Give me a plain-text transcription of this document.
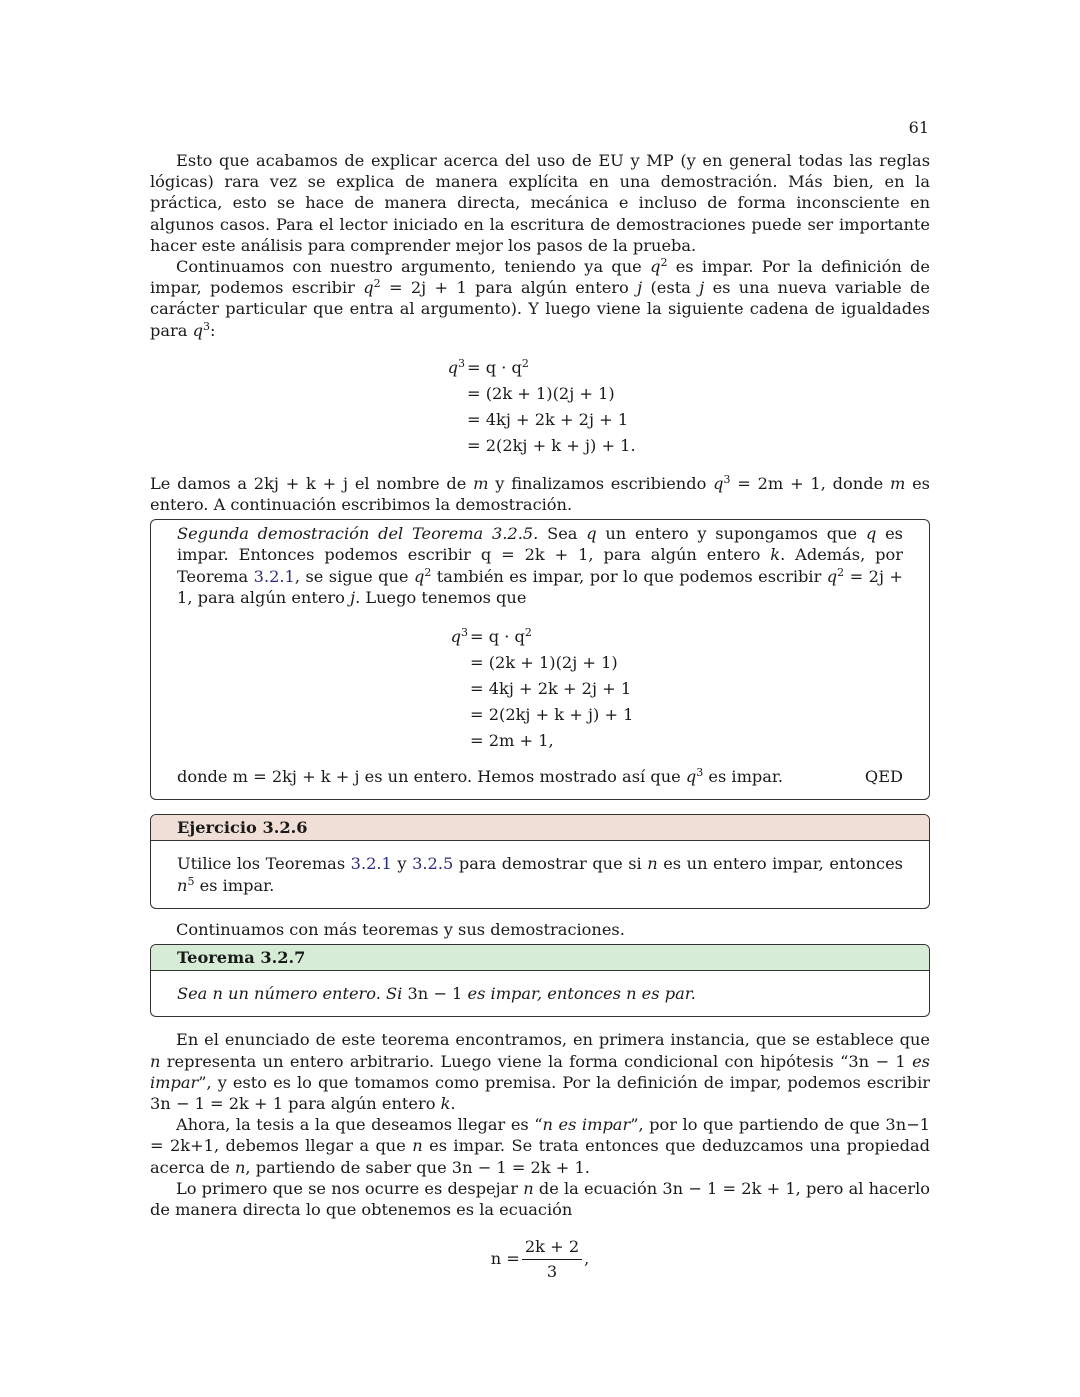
61

Esto que acabamos de explicar acerca del uso de EU y MP (y en general todas las reglas lógicas) rara vez se explica de manera explícita en una demostración. Más bien, en la práctica, esto se hace de manera directa, mecánica e incluso de forma inconsciente en algunos casos. Para el lector iniciado en la escritura de demostraciones puede ser importante hacer este análisis para comprender mejor los pasos de la prueba.

Continuamos con nuestro argumento, teniendo ya que $q^2$ es impar. Por la definición de impar, podemos escribir $q^2 = 2j + 1$ para algún entero j (esta j es una nueva variable de carácter particular que entra al argumento). Y luego viene la siguiente cadena de igualdades para $q^3$:

$q^3 = q \cdot q^2$
= (2k + 1)(2j + 1)
= 4kj + 2k + 2j + 1
= 2(2kj + k + j) + 1.

Le damos a 2kj + k + j el nombre de m y finalizamos escribiendo $q^3 = 2m + 1$, donde m es entero. A continuación escribimos la demostración.

Segunda demostración del Teorema 3.2.5. Sea q un entero y supongamos que q es impar. Entonces podemos escribir q = 2k + 1, para algún entero k. Además, por Teorema 3.2.1, se sigue que $q^2$ también es impar, por lo que podemos escribir $q^2 = 2j + 1$, para algún entero j. Luego tenemos que

$q^3 = q \cdot q^2$
= (2k + 1)(2j + 1)
= 4kj + 2k + 2j + 1
= 2(2kj + k + j) + 1
= 2m + 1,
donde m = 2kj + k + j es un entero. Hemos mostrado así que $q^3$ es impar.	QED
Ejercicio 3.2.6
Utilice los Teoremas 3.2.1 y 3.2.5 para demostrar que si n es un entero impar, entonces $n^5$ es impar.

Continuamos con más teoremas y sus demostraciones.

Teorema 3.2.7
Sea n un número entero. Si 3n − 1 es impar, entonces n es par.

En el enunciado de este teorema encontramos, en primera instancia, que se establece que n representa un entero arbitrario. Luego viene la forma condicional con hipótesis “3n − 1 es impar”, y esto es lo que tomamos como premisa. Por la definición de impar, podemos escribir 3n − 1 = 2k + 1 para algún entero k.

Ahora, la tesis a la que deseamos llegar es “n es impar”, por lo que partiendo de que 3n−1 = 2k+1, debemos llegar a que n es impar. Se trata entonces que deduzcamos una propiedad acerca de n, partiendo de saber que 3n − 1 = 2k + 1.

Lo primero que se nos ocurre es despejar n de la ecuación 3n − 1 = 2k + 1, pero al hacerlo de manera directa lo que obtenemos es la ecuación

$n = \frac{2k + 2}{3}$ ,
